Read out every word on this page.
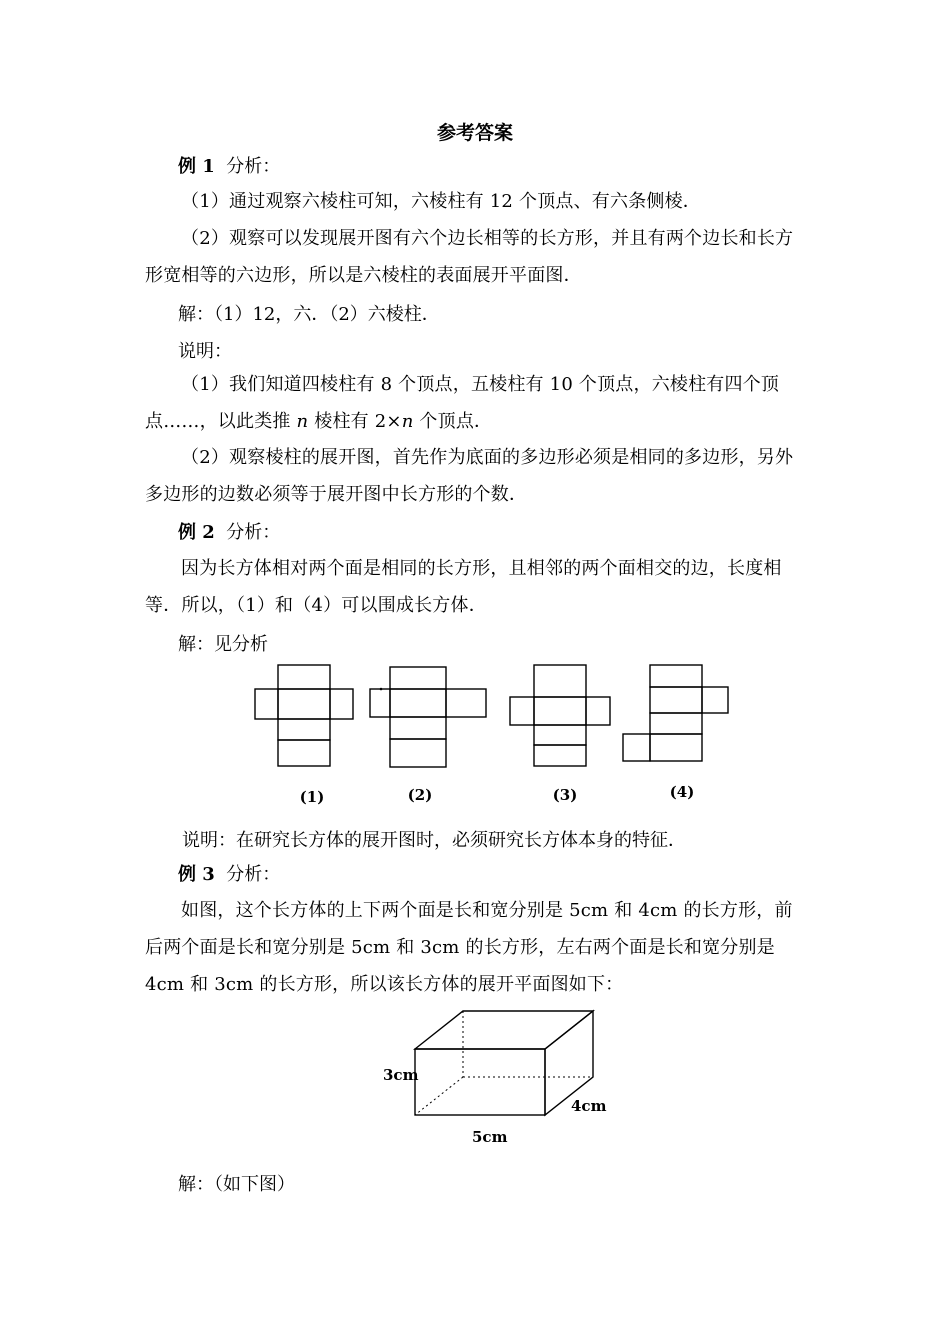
参考答案
例 1 分析：
（1）通过观察六棱柱可知，六棱柱有 12 个顶点、有六条侧棱．
（2）观察可以发现展开图有六个边长相等的长方形，并且有两个边长和长方形宽相等的六边形，所以是六棱柱的表面展开平面图．
解：（1）12，六．（2）六棱柱．
说明：
（1）我们知道四棱柱有 8 个顶点，五棱柱有 10 个顶点，六棱柱有四个顶点……，以此类推 n 棱柱有 2×n 个顶点．
（2）观察棱柱的展开图，首先作为底面的多边形必须是相同的多边形，另外多边形的边数必须等于展开图中长方形的个数．
例 2 分析：
因为长方体相对两个面是相同的长方形，且相邻的两个面相交的边，长度相等．所以，（1）和（4）可以围成长方体．
解：见分析
(1)	(2)	(3)	(4)
说明：在研究长方体的展开图时，必须研究长方体本身的特征．
例 3 分析：
如图，这个长方体的上下两个面是长和宽分别是 5cm 和 4cm 的长方形，前后两个面是长和宽分别是 5cm 和 3cm 的长方形，左右两个面是长和宽分别是 4cm 和 3cm 的长方形，所以该长方体的展开平面图如下：
3cm
4cm
5cm
解：（如下图）
